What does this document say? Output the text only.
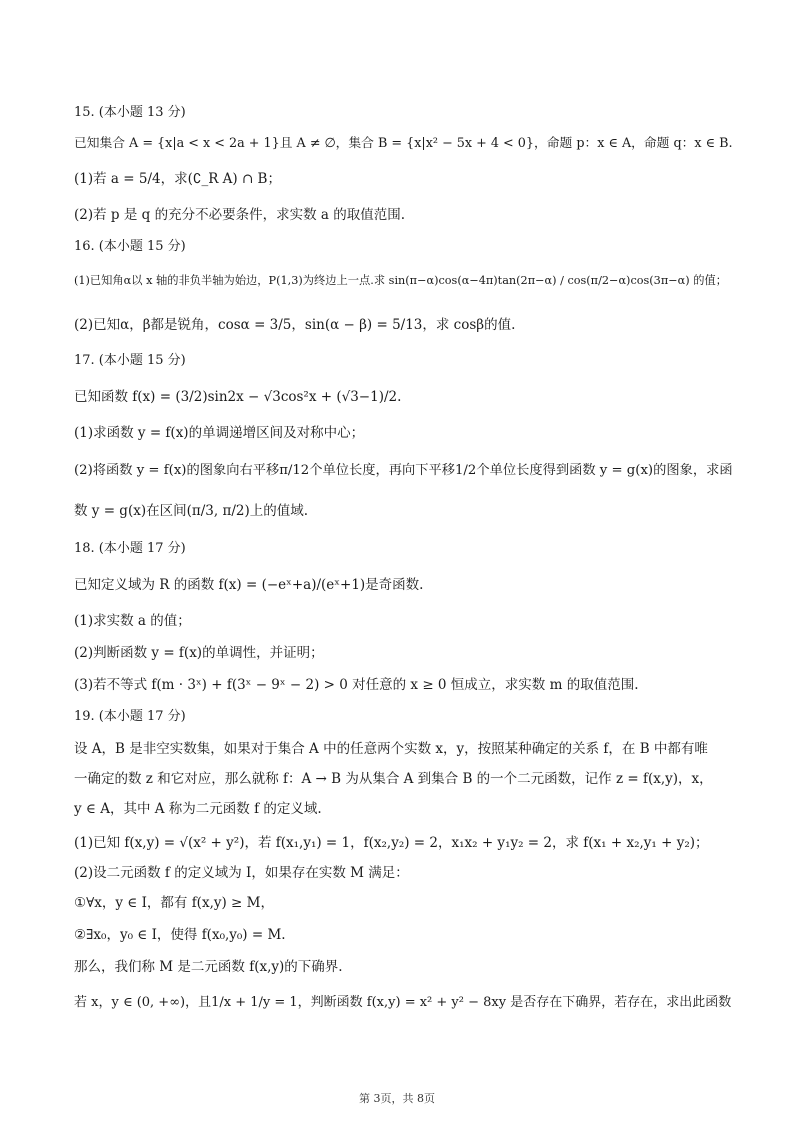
15. (本小题 13 分)
已知集合 A = {x|a < x < 2a + 1}且 A ≠ ∅，集合 B = {x|x² − 5x + 4 < 0}，命题 p：x ∈ A，命题 q：x ∈ B.
(1)若 a = 5/4，求(∁_R A) ∩ B；
(2)若 p 是 q 的充分不必要条件，求实数 a 的取值范围.
16. (本小题 15 分)
(1)已知角α以 x 轴的非负半轴为始边，P(1,3)为终边上一点.求 sin(π−α)cos(α−4π)tan(2π−α) / cos(π/2−α)cos(3π−α) 的值；
(2)已知α，β都是锐角，cosα = 3/5，sin(α − β) = 5/13，求 cosβ的值.
17. (本小题 15 分)
已知函数 f(x) = (3/2)sin2x − √3cos²x + (√3−1)/2.
(1)求函数 y = f(x)的单调递增区间及对称中心；
(2)将函数 y = f(x)的图象向右平移π/12个单位长度，再向下平移1/2个单位长度得到函数 y = g(x)的图象，求函
数 y = g(x)在区间(π/3, π/2)上的值域.
18. (本小题 17 分)
已知定义域为 R 的函数 f(x) = (−eˣ+a)/(eˣ+1)是奇函数.
(1)求实数 a 的值；
(2)判断函数 y = f(x)的单调性，并证明；
(3)若不等式 f(m · 3ˣ) + f(3ˣ − 9ˣ − 2) > 0 对任意的 x ≥ 0 恒成立，求实数 m 的取值范围.
19. (本小题 17 分)
设 A，B 是非空实数集，如果对于集合 A 中的任意两个实数 x，y，按照某种确定的关系 f，在 B 中都有唯
一确定的数 z 和它对应，那么就称 f：A → B 为从集合 A 到集合 B 的一个二元函数，记作 z = f(x,y)，x，
y ∈ A，其中 A 称为二元函数 f 的定义域.
(1)已知 f(x,y) = √(x² + y²)，若 f(x₁,y₁) = 1，f(x₂,y₂) = 2，x₁x₂ + y₁y₂ = 2，求 f(x₁ + x₂,y₁ + y₂)；
(2)设二元函数 f 的定义域为 I，如果存在实数 M 满足：
①∀x，y ∈ I，都有 f(x,y) ≥ M，
②∃x₀，y₀ ∈ I，使得 f(x₀,y₀) = M.
那么，我们称 M 是二元函数 f(x,y)的下确界.
若 x，y ∈ (0, +∞)，且1/x + 1/y = 1，判断函数 f(x,y) = x² + y² − 8xy 是否存在下确界，若存在，求出此函数
第 3页，共 8页
